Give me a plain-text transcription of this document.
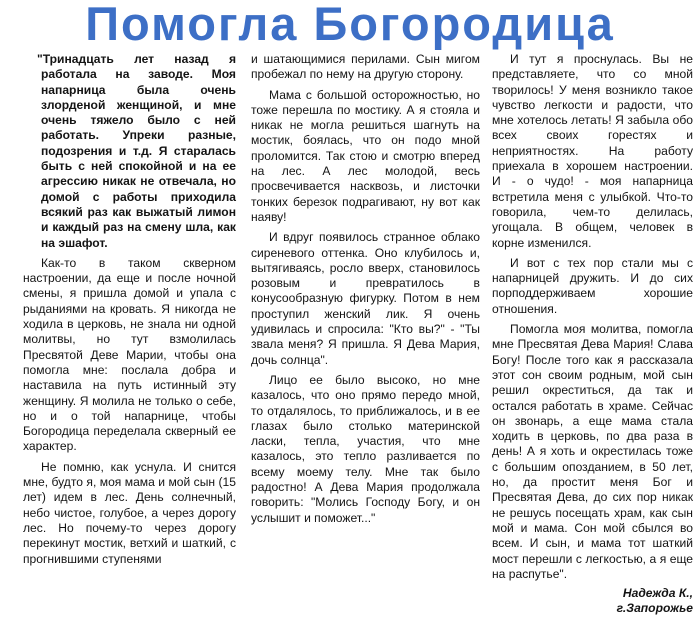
Помогла Богородица

"Тринадцать лет назад я работала на заводе. Моя напарница была очень злорденой женщиной, и мне очень тяжело было с ней работать. Упреки разные, подозрения и т.д. Я старалась быть с ней спокойной и на ее агрессию никак не отвечала, но домой с работы приходила всякий раз как выжатый лимон и каждый раз на смену шла, как на эшафот.

Как-то в таком скверном настроении, да еще и после ночной смены, я пришла домой и упала с рыданиями на кровать. Я никогда не ходила в церковь, не знала ни одной молитвы, но тут взмолилась Пресвятой Деве Марии, чтобы она помогла мне: послала добра и наставила на путь истинный эту женщину. Я молила не только о себе, но и о той напарнице, чтобы Богородица переделала скверный ее характер.

Не помню, как уснула. И снится мне, будто я, моя мама и мой сын (15 лет) идем в лес. День солнечный, небо чистое, голубое, а через дорогу лес. Но почему-то через дорогу перекинут мостик, ветхий и шаткий, с прогнившими ступенями

и шатающимися перилами. Сын мигом пробежал по нему на другую сторону.

Мама с большой осторожностью, но тоже перешла по мостику. А я стояла и никак не могла решиться шагнуть на мостик, боялась, что он подо мной проломится. Так стою и смотрю вперед на лес. А лес молодой, весь просвечивается насквозь, и листочки тонких березок подрагивают, ну вот как наяву!

И вдруг появилось странное облако сиреневого оттенка. Оно клубилось и, вытягиваясь, росло вверх, становилось розовым и превратилось в конусообразную фигурку. Потом в нем проступил женский лик. Я очень удивилась и спросила: "Кто вы?" - "Ты звала меня? Я пришла. Я Дева Мария, дочь солнца".

Лицо ее было высоко, но мне казалось, что оно прямо передо мной, то отдалялось, то приближалось, и в ее глазах было столько материнской ласки, тепла, участия, что мне казалось, это тепло разливается по всему моему телу. Мне так было радостно! А Дева Мария продолжала говорить: "Молись Господу Богу, и он услышит и поможет..."

И тут я проснулась. Вы не представляете, что со мной творилось! У меня возникло такое чувство легкости и радости, что мне хотелось летать! Я забыла обо всех своих горестях и неприятностях. На работу приехала в хорошем настроении. И - о чудо! - моя напарница встретила меня с улыбкой. Что-то говорила, чем-то делилась, угощала. В общем, человек в корне изменился.

И вот с тех пор стали мы с напарницей дружить. И до сих порподдерживаем хорошие отношения.

Помогла моя молитва, помогла мне Пресвятая Дева Мария! Слава Богу! После того как я рассказала этот сон своим родным, мой сын решил окреститься, да так и остался работать в храме. Сейчас он звонарь, а еще мама стала ходить в церковь, по два раза в день! А я хоть и окрестилась тоже с большим опозданием, в 50 лет, но, да простит меня Бог и Пресвятая Дева, до сих пор никак не решусь посещать храм, как сын мой и мама. Сон мой сбылся во всем. И сын, и мама тот шаткий мост перешли с легкостью, а я еще на распутье".

Надежда К.,

г.Запорожье
